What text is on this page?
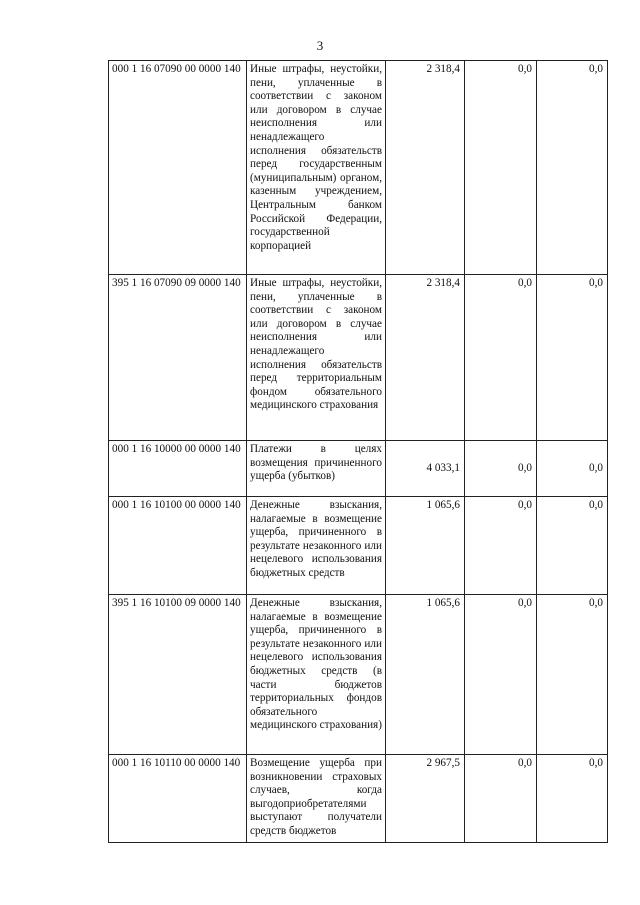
3
000 1 16 07090 00 0000 140	Иные штрафы, неустойки, пени, уплаченные в соответствии с законом или договором в случае неисполнения или ненадлежащего исполнения обязательств перед государственным (муниципальным) органом, казенным учреждением, Центральным банком Российской Федерации, государственной корпорацией	2 318,4	0,0	0,0
395 1 16 07090 09 0000 140	Иные штрафы, неустойки, пени, уплаченные в соответствии с законом или договором в случае неисполнения или ненадлежащего исполнения обязательств перед территориальным фондом обязательного медицинского страхования	2 318,4	0,0	0,0
000 1 16 10000 00 0000 140	Платежи в целях возмещения причиненного ущерба (убытков)	4 033,1	0,0	0,0
000 1 16 10100 00 0000 140	Денежные взыскания, налагаемые в возмещение ущерба, причиненного в результате незаконного или нецелевого использования бюджетных средств	1 065,6	0,0	0,0
395 1 16 10100 09 0000 140	Денежные взыскания, налагаемые в возмещение ущерба, причиненного в результате незаконного или нецелевого использования бюджетных средств (в части бюджетов территориальных фондов обязательного медицинского страхования)	1 065,6	0,0	0,0
000 1 16 10110 00 0000 140	Возмещение ущерба при возникновении страховых случаев, когда выгодоприобретателями выступают получатели средств бюджетов	2 967,5	0,0	0,0
